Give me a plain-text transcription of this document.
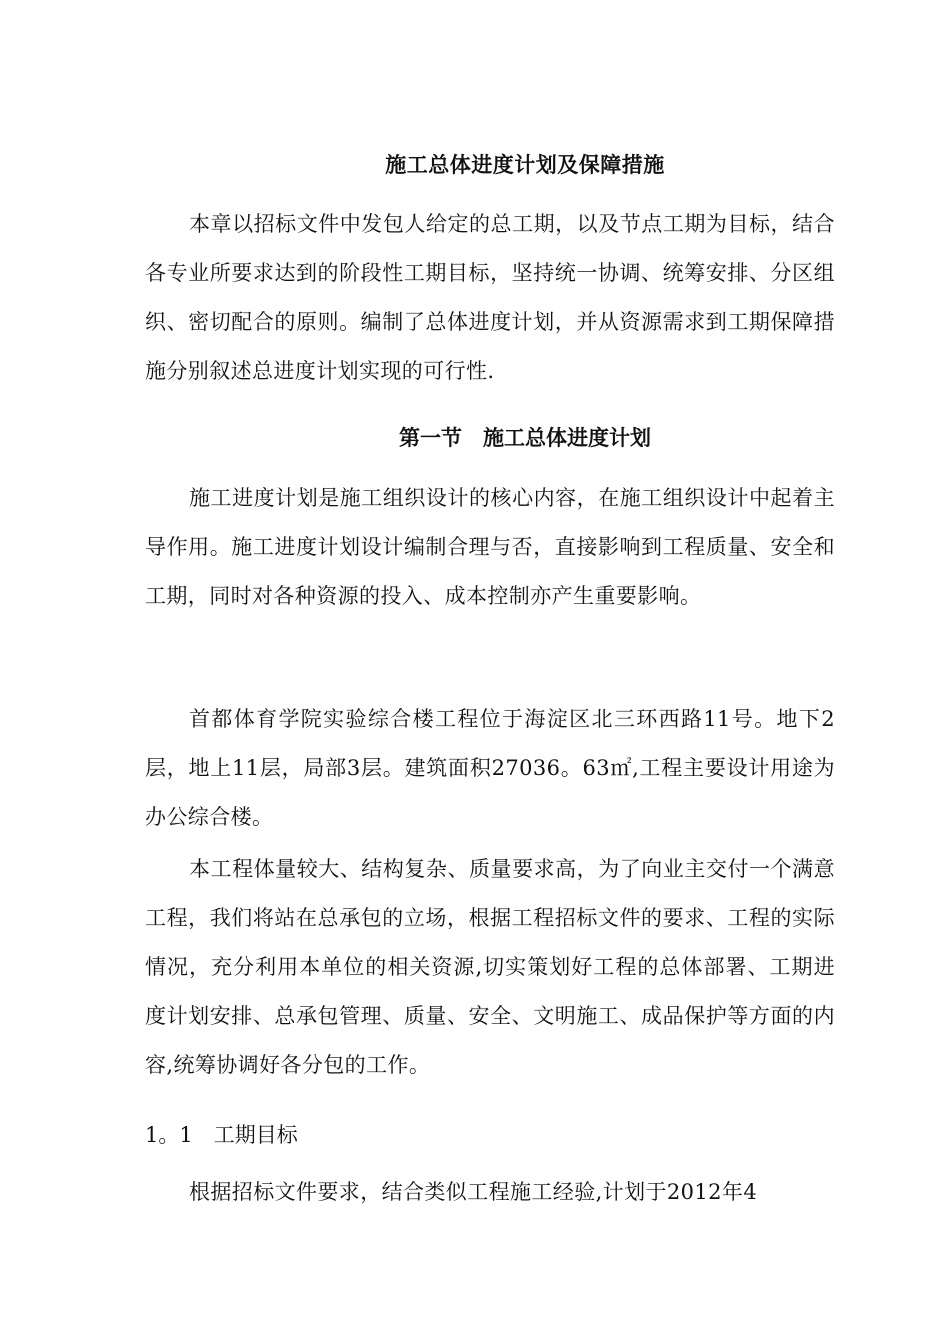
施工总体进度计划及保障措施

本章以招标文件中发包人给定的总工期，以及节点工期为目标，结合各专业所要求达到的阶段性工期目标，坚持统一协调、统筹安排、分区组织、密切配合的原则。编制了总体进度计划，并从资源需求到工期保障措施分别叙述总进度计划实现的可行性.

第一节　施工总体进度计划

施工进度计划是施工组织设计的核心内容，在施工组织设计中起着主导作用。施工进度计划设计编制合理与否，直接影响到工程质量、安全和工期，同时对各种资源的投入、成本控制亦产生重要影响。

首都体育学院实验综合楼工程位于海淀区北三环西路11号。地下2层，地上11层，局部3层。建筑面积27036。63㎡,工程主要设计用途为办公综合楼。

本工程体量较大、结构复杂、质量要求高，为了向业主交付一个满意工程，我们将站在总承包的立场，根据工程招标文件的要求、工程的实际情况，充分利用本单位的相关资源,切实策划好工程的总体部署、工期进度计划安排、总承包管理、质量、安全、文明施工、成品保护等方面的内容,统筹协调好各分包的工作。

1。1　工期目标

根据招标文件要求，结合类似工程施工经验,计划于2012年4
